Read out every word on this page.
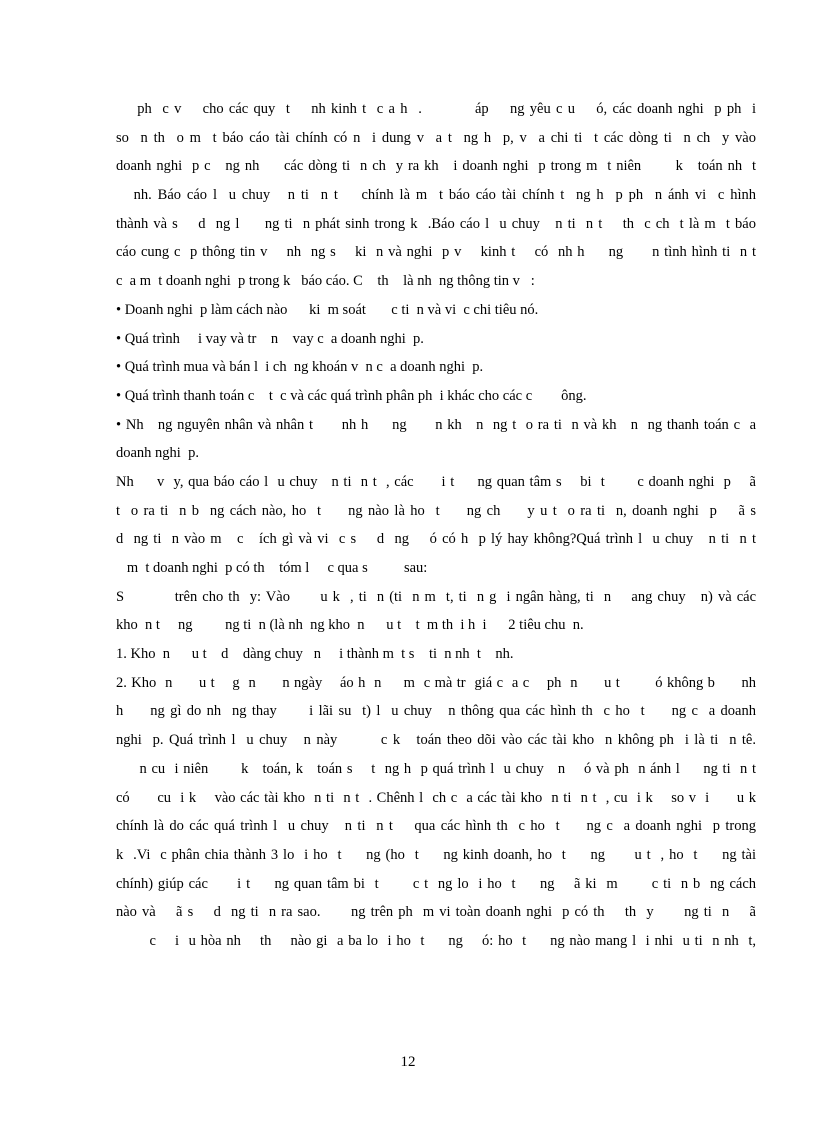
ph  c v    cho các quy  t    nh kinh t  c a h  .          áp    ng yêu c u    ó, các doanh nghi  p ph  i
so  n th  o m  t báo cáo tài chính có n  i dung v  a t  ng h  p, v  a chi ti  t các dòng ti  n ch  y vào
doanh nghi  p c   ng nh     các dòng ti  n ch  y ra kh   i doanh nghi  p trong m  t niên       k   toán nh  t
nh. Báo cáo l  u chuy   n ti  n t    chính là m  t báo cáo tài chính t  ng h  p ph  n ánh vi  c hình
thành và s    d  ng l     ng ti  n phát sinh trong k  .Báo cáo l  u chuy   n ti  n t    th  c ch  t là m  t báo
cáo cung c  p thông tin v    nh  ng s    ki  n và nghi  p v    kinh t    có  nh h     ng      n tình hình ti  n t
c  a m  t doanh nghi  p trong k   báo cáo. C    th    là nh  ng thông tin v   :
• Doanh nghi  p làm cách nào      ki  m soát       c ti  n và vi  c chi tiêu nó.
• Quá trình     i vay và tr    n    vay c  a doanh nghi  p.
• Quá trình mua và bán l  i ch  ng khoán v  n c  a doanh nghi  p.
• Quá trình thanh toán c    t  c và các quá trình phân ph  i khác cho các c        ông.
• Nh   ng nguyên nhân và nhân t      nh h     ng      n kh   n  ng t  o ra ti  n và kh   n  ng thanh toán c  a
doanh nghi  p.
Nh     v  y, qua báo cáo l  u chuy   n ti  n t  , các      i t     ng quan tâm s    bi  t       c doanh nghi  p    ã
t  o ra ti  n b  ng cách nào, ho  t     ng nào là ho  t     ng ch     y u t  o ra ti  n, doanh nghi  p    ã s
d  ng ti  n vào m   c   ích gì và vi  c s    d  ng    ó có h  p lý hay không?Quá trình l  u chuy   n ti  n t
m  t doanh nghi  p có th    tóm l     c qua s          sau:
S          trên cho th  y: Vào      u k  , ti  n (ti  n m  t, ti  n g  i ngân hàng, ti  n    ang chuy   n) và các
kho  n t     ng         ng ti  n (là nh  ng kho  n      u t    t  m th  i h  i      2 tiêu chu  n.
1. Kho  n      u t    d    dàng chuy   n     i thành m  t s    ti  n nh  t    nh.
2. Kho  n      u t    g  n      n ngày    áo h  n     m  c mà tr  giá c  a c    ph  n      u t        ó không b      nh
h     ng gì do nh  ng thay      i lãi su  t) l  u chuy   n thông qua các hình th  c ho  t     ng c  a doanh
nghi  p. Quá trình l  u chuy   n này        c k   toán theo dõi vào các tài kho  n không ph  i là ti  n tê.
n cu  i niên       k   toán, k   toán s    t  ng h  p quá trình l  u chuy   n    ó và ph  n ánh l     ng ti  n t
có      cu  i k    vào các tài kho  n ti  n t  . Chênh l  ch c  a các tài kho  n ti  n t  , cu  i k    so v  i      u k
chính là do các quá trình l  u chuy   n ti  n t    qua các hình th  c ho  t     ng c  a doanh nghi  p trong
k  .Vi  c phân chia thành 3 lo  i ho  t     ng (ho  t     ng kinh doanh, ho  t     ng      u t  , ho  t     ng tài
chính) giúp các      i t     ng quan tâm bi  t       c t  ng lo  i ho  t     ng    ã ki  m       c ti  n b  ng cách
nào và    ã s    d  ng ti  n ra sao.      ng trên ph  m vi toàn doanh nghi  p có th    th  y      ng ti  n    ã
c    i  u hòa nh    th    nào gi  a ba lo  i ho  t     ng    ó: ho  t     ng nào mang l  i nhi  u ti  n nh  t,
12
